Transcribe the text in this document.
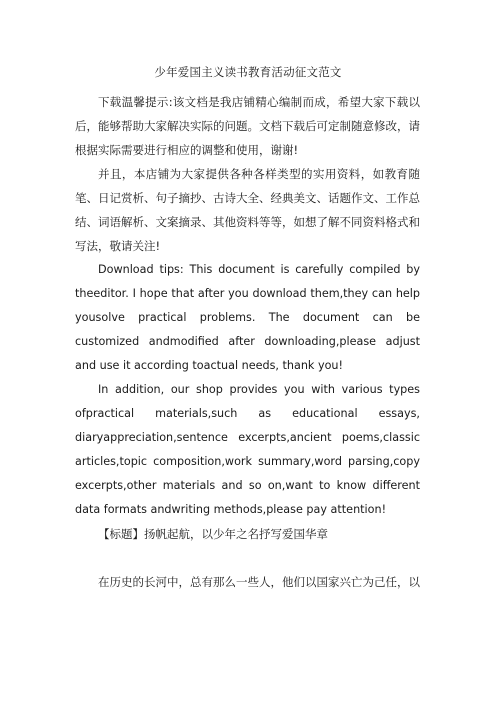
少年爱国主义读书教育活动征文范文

下载温馨提示:该文档是我店铺精心编制而成，希望大家下载以后，能够帮助大家解决实际的问题。文档下载后可定制随意修改，请根据实际需要进行相应的调整和使用，谢谢!

并且，本店铺为大家提供各种各样类型的实用资料，如教育随笔、日记赏析、句子摘抄、古诗大全、经典美文、话题作文、工作总结、词语解析、文案摘录、其他资料等等，如想了解不同资料格式和写法，敬请关注!

Download tips: This document is carefully compiled by theeditor. I hope that after you download them,they can help yousolve practical problems. The document can be customized andmodified after downloading,please adjust and use it according toactual needs, thank you!

In addition, our shop provides you with various types ofpractical materials,such as educational essays, diaryappreciation,sentence excerpts,ancient poems,classic articles,topic composition,work summary,word parsing,copy excerpts,other materials and so on,want to know different data formats andwriting methods,please pay attention!

【标题】扬帆起航，以少年之名抒写爱国华章

在历史的长河中，总有那么一些人，他们以国家兴亡为己任，以
